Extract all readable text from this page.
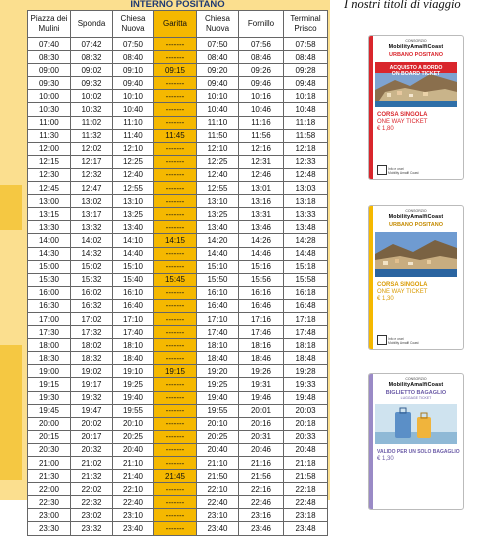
INTERNO POSITANO						
Piazza dei Mulini	Sponda	Chiesa Nuova	Garitta	Chiesa Nuova	Fornillo	Terminal Prisco
07:40	07:42	07:50	-------	07:50	07:56	07:58
08:30	08:32	08:40	-------	08:40	08:46	08:48
09:00	09:02	09:10	09:15	09:20	09:26	09:28
09:30	09:32	09:40	-------	09:40	09:46	09:48
10:00	10:02	10:10	-------	10:10	10:16	10:18
10:30	10:32	10:40	-------	10:40	10:46	10:48
11:00	11:02	11:10	-------	11:10	11:16	11:18
11:30	11:32	11:40	11:45	11:50	11:56	11:58
12:00	12:02	12:10	-------	12:10	12:16	12:18
12:15	12:17	12:25	-------	12:25	12:31	12:33
12:30	12:32	12:40	-------	12:40	12:46	12:48
12:45	12:47	12:55	-------	12:55	13:01	13:03
13:00	13:02	13:10	-------	13:10	13:16	13:18
13:15	13:17	13:25	-------	13:25	13:31	13:33
13:30	13:32	13:40	-------	13:40	13:46	13:48
14:00	14:02	14:10	14:15	14:20	14:26	14:28
14:30	14:32	14:40	-------	14:40	14:46	14:48
15:00	15:02	15:10	-------	15:10	15:16	15:18
15:30	15:32	15:40	15:45	15:50	15:56	15:58
16:00	16:02	16:10	-------	16:10	16:16	16:18
16:30	16:32	16:40	-------	16:40	16:46	16:48
17:00	17:02	17:10	-------	17:10	17:16	17:18
17:30	17:32	17:40	-------	17:40	17:46	17:48
18:00	18:02	18:10	-------	18:10	18:16	18:18
18:30	18:32	18:40	-------	18:40	18:46	18:48
19:00	19:02	19:10	19:15	19:20	19:26	19:28
19:15	19:17	19:25	-------	19:25	19:31	19:33
19:30	19:32	19:40	-------	19:40	19:46	19:48
19:45	19:47	19:55	-------	19:55	20:01	20:03
20:00	20:02	20:10	-------	20:10	20:16	20:18
20:15	20:17	20:25	-------	20:25	20:31	20:33
20:30	20:32	20:40	-------	20:40	20:46	20:48
21:00	21:02	21:10	-------	21:10	21:16	21:18
21:30	21:32	21:40	21:45	21:50	21:56	21:58
22:00	22:02	22:10	-------	22:10	22:16	22:18
22:30	22:32	22:40	-------	22:40	22:46	22:48
23:00	23:02	23:10	-------	23:10	23:16	23:18
23:30	23:32	23:40	-------	23:40	23:46	23:48
I nostri titoli di viaggio
CONSORZIO
MobilityAmalfiCoast
URBANO POSITANO
ACQUISTO A BORDO
ON BOARD TICKET
CORSA SINGOLA
ONE WAY TICKET
€ 1,80
Info e orari
Mobility Amalfi Coast
CONSORZIO
MobilityAmalfiCoast
URBANO POSITANO
CORSA SINGOLA
ONE WAY TICKET
€ 1,30
Info e orari
Mobility Amalfi Coast
CONSORZIO
MobilityAmalfiCoast
BIGLIETTO BAGAGLIO
LUGGAGE TICKET
VALIDO PER UN SOLO BAGAGLIO
€ 1,30
